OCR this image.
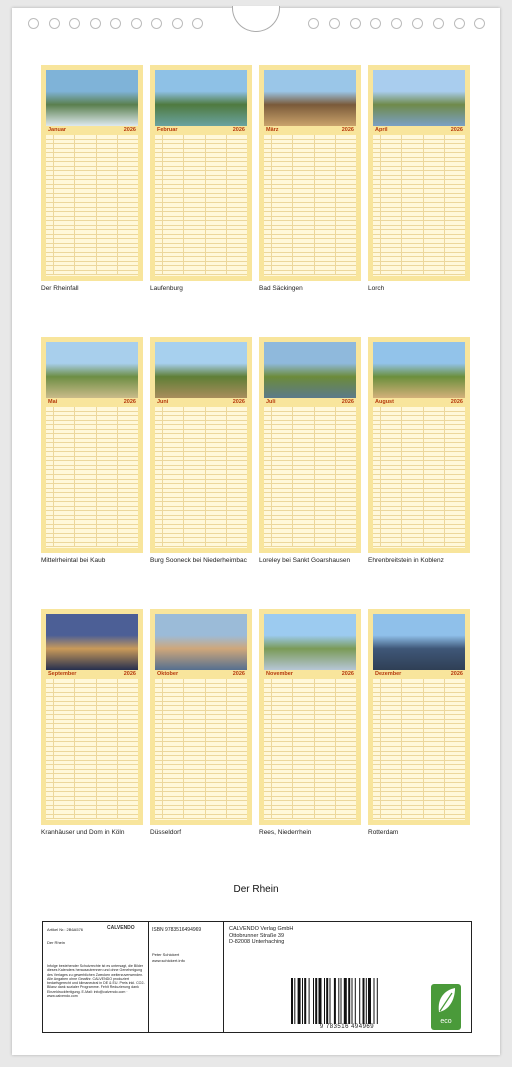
Januar	2026
Der Rheinfall
Februar	2026
Laufenburg
März	2026
Bad Säckingen
April	2026
Lorch
Mai	2026
Mittelrheintal bei Kaub
Juni	2026
Burg Sooneck bei Niederheimbac
Juli	2026
Loreley bei Sankt Goarshausen
August	2026
Ehrenbreitstein in Koblenz
September	2026
Kranhäuser und Dom in Köln
Oktober	2026
Düsseldorf
November	2026
Rees, Niederrhein
Dezember	2026
Rotterdam
Der Rhein
Artikel Nr.: 2B6A576	CALVENDO
Der Rhein
Infolge bestehender Schutzrechte ist es untersagt, die Bilder dieses Kalenders herauszutrennen und ohne Genehmigung des Verlages zu gewerblichen Zwecken weiterzuverwenden. Alle Angaben ohne Gewähr. CALVENDO produziert bedarfsgerecht und klimaneutral in DE & EU. Preis inkl. CO2-Bilanz dank sozialer Programme. Fehlt Reduzierung dank Einzeldruckfertigung. E-Mail: info@calvendo.com · www.calvendo.com
ISBN 9783516494969
Peter Schickert
www.schickert.info
CALVENDO Verlag GmbH
Ottobrunner Straße 39
D-82008 Unterhaching
9 783516 494969
eco
